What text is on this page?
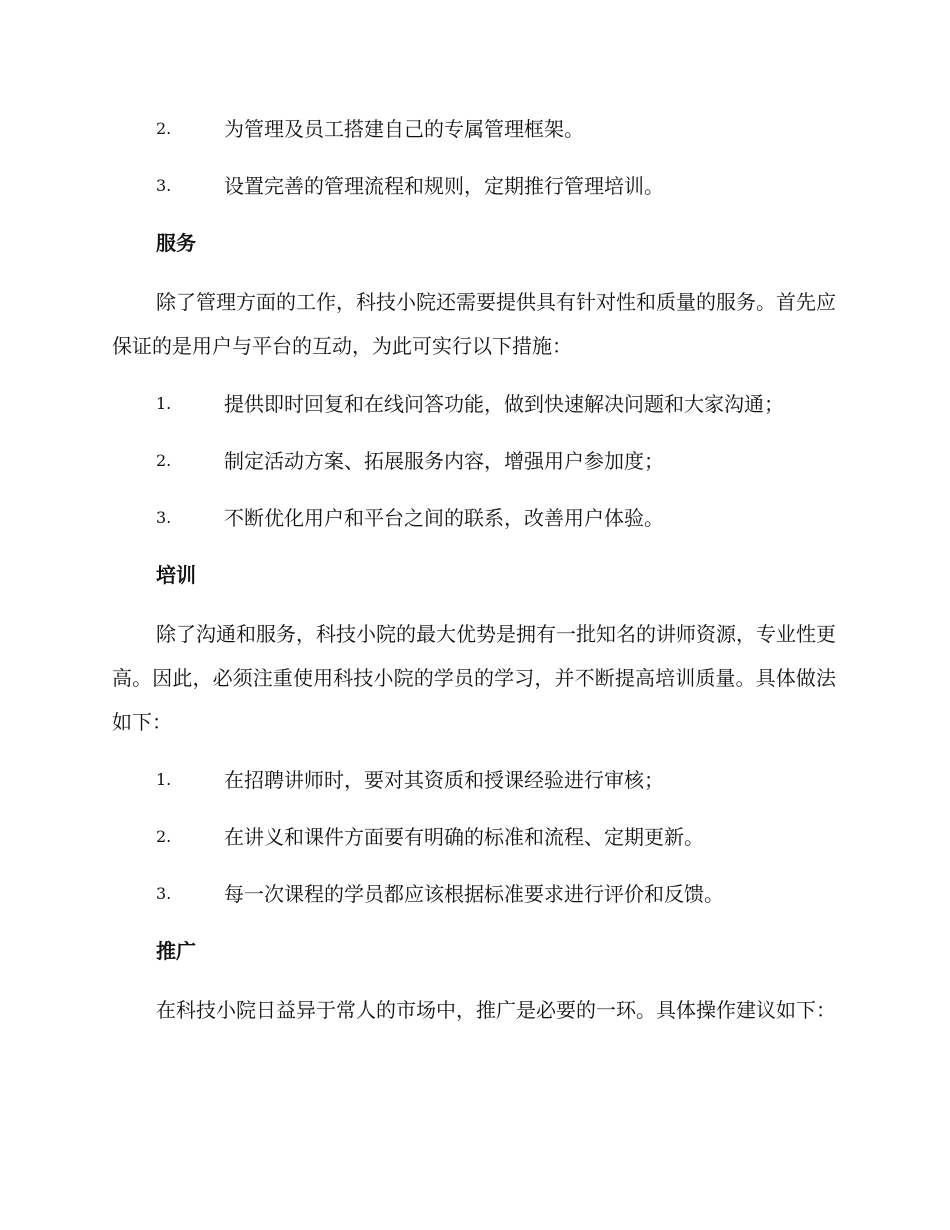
2.	为管理及员工搭建自己的专属管理框架。
3.	设置完善的管理流程和规则，定期推行管理培训。
服务

除了管理方面的工作，科技小院还需要提供具有针对性和质量的服务。首先应保证的是用户与平台的互动，为此可实行以下措施：

1.	提供即时回复和在线问答功能，做到快速解决问题和大家沟通；
2.	制定活动方案、拓展服务内容，增强用户参加度；
3.	不断优化用户和平台之间的联系，改善用户体验。
培训

除了沟通和服务，科技小院的最大优势是拥有一批知名的讲师资源，专业性更高。因此，必须注重使用科技小院的学员的学习，并不断提高培训质量。具体做法如下：

1.	在招聘讲师时，要对其资质和授课经验进行审核；
2.	在讲义和课件方面要有明确的标准和流程、定期更新。
3.	每一次课程的学员都应该根据标准要求进行评价和反馈。
推广

在科技小院日益异于常人的市场中，推广是必要的一环。具体操作建议如下：
